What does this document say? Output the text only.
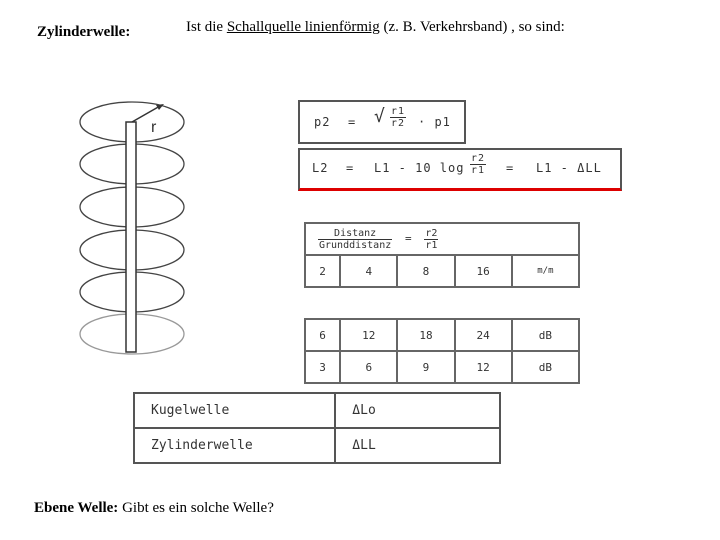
Zylinderwelle:	Ist die Schallquelle linienförmig (z. B. Verkehrsband) , so sind:
r	p2 = √ $\frac{r1}{r2} \cdot p1$
L2 = L1 - 10 $\log \frac{r2}{r1} = L1 - \Delta LL$
$\frac{\text{Distanz}}{\text{Grunddistanz}} = \frac{r2}{r1}$

2	4	8	16	m/m

6	12	18	24	dB
3	6	9	12	dB
Kugelwelle	ΔLo
Zylinderwelle	ΔLL
Ebene Welle: Gibt es ein solche Welle?
